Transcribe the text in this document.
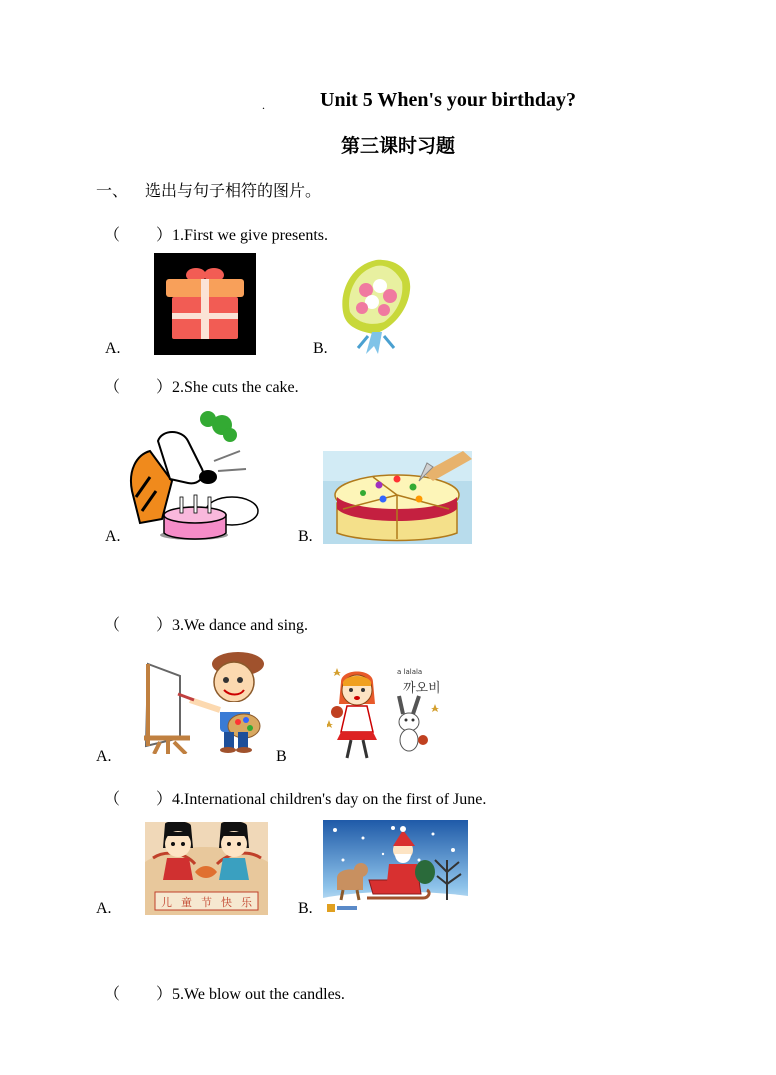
.	Unit 5 When's your birthday?
第三课时习题
一、 选出与句子相符的图片。
（ ）1.First we give presents.
A.	B.
（ ）2.She cuts the cake.
A.	B.
（ ）3.We dance and sing.
A.	B
a lalala
까오비
（ ）4.International children's day on the first of June.
A.	儿 童 节 快 乐	B.
（ ）5.We blow out the candles.
